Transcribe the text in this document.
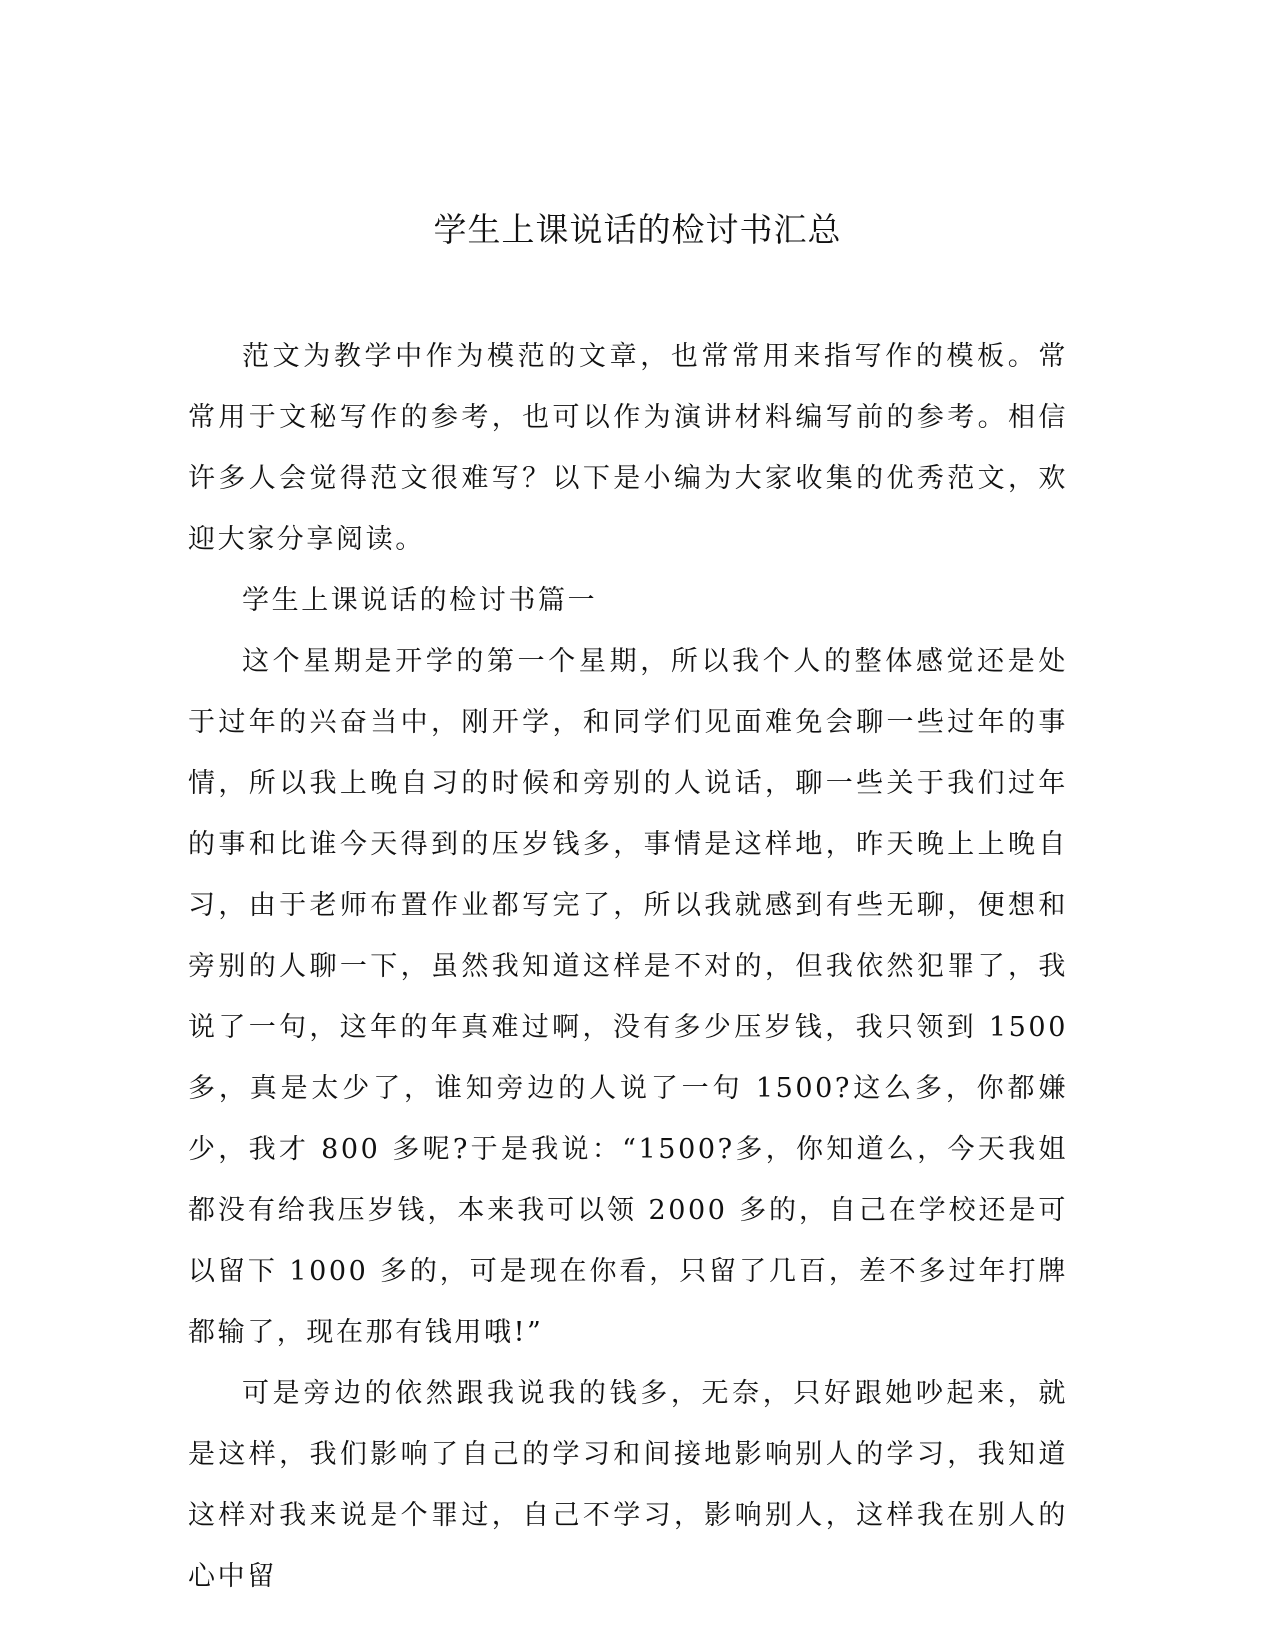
学生上课说话的检讨书汇总

范文为教学中作为模范的文章，也常常用来指写作的模板。常常用于文秘写作的参考，也可以作为演讲材料编写前的参考。相信许多人会觉得范文很难写？以下是小编为大家收集的优秀范文，欢迎大家分享阅读。

学生上课说话的检讨书篇一

这个星期是开学的第一个星期，所以我个人的整体感觉还是处于过年的兴奋当中，刚开学，和同学们见面难免会聊一些过年的事情，所以我上晚自习的时候和旁别的人说话，聊一些关于我们过年的事和比谁今天得到的压岁钱多，事情是这样地，昨天晚上上晚自习，由于老师布置作业都写完了，所以我就感到有些无聊，便想和旁别的人聊一下，虽然我知道这样是不对的，但我依然犯罪了，我说了一句，这年的年真难过啊，没有多少压岁钱，我只领到 1500 多，真是太少了，谁知旁边的人说了一句 1500?这么多，你都嫌少，我才 800 多呢?于是我说：“1500?多，你知道么，今天我姐都没有给我压岁钱，本来我可以领 2000 多的，自己在学校还是可以留下 1000 多的，可是现在你看，只留了几百，差不多过年打牌都输了，现在那有钱用哦!”

可是旁边的依然跟我说我的钱多，无奈，只好跟她吵起来，就是这样，我们影响了自己的学习和间接地影响别人的学习，我知道这样对我来说是个罪过，自己不学习，影响别人，这样我在别人的心中留
